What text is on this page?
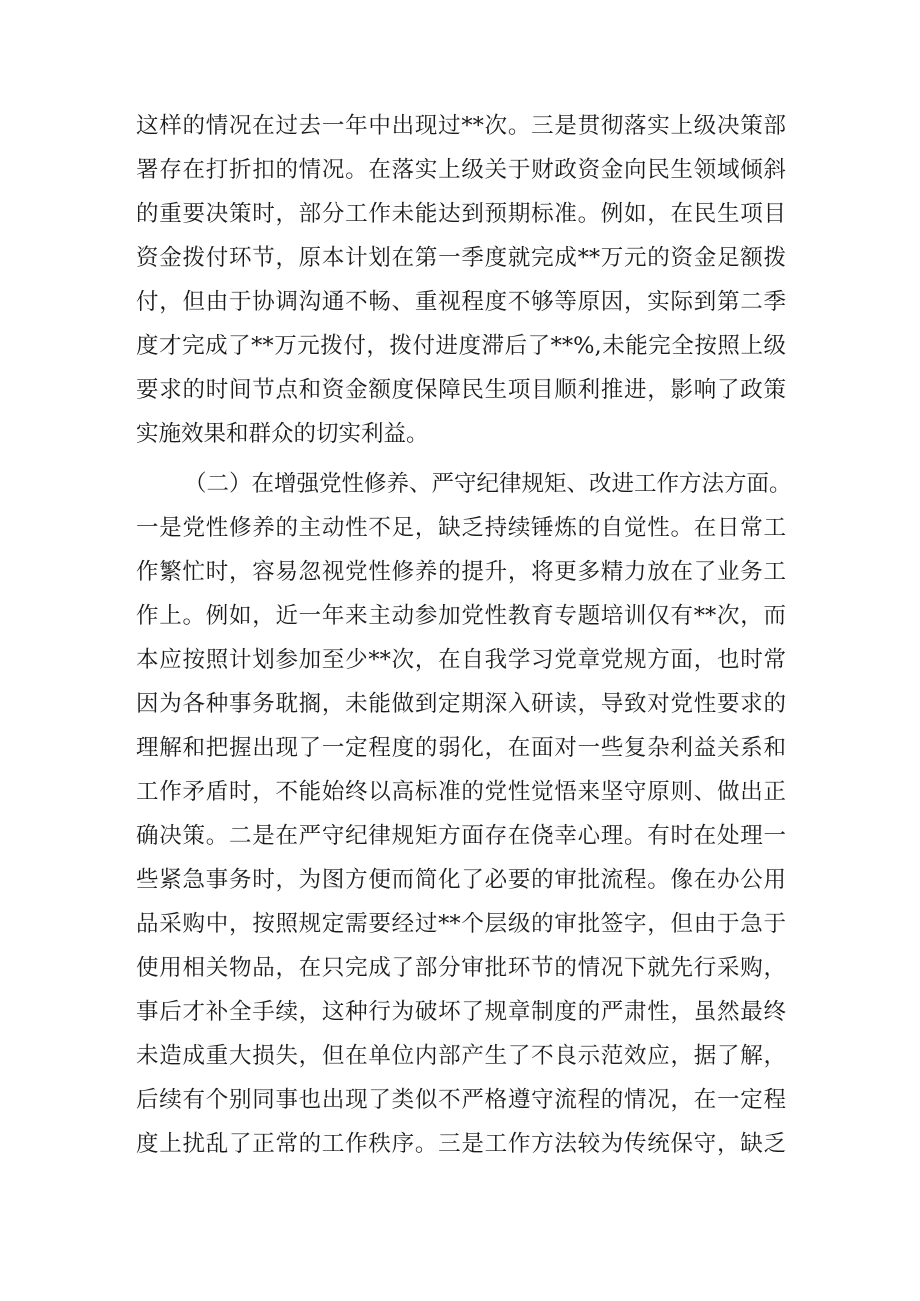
这样的情况在过去一年中出现过**次。三是贯彻落实上级决策部
署存在打折扣的情况。在落实上级关于财政资金向民生领域倾斜
的重要决策时，部分工作未能达到预期标准。例如，在民生项目
资金拨付环节，原本计划在第一季度就完成**万元的资金足额拨
付，但由于协调沟通不畅、重视程度不够等原因，实际到第二季
度才完成了**万元拨付，拨付进度滞后了**%,未能完全按照上级
要求的时间节点和资金额度保障民生项目顺利推进，影响了政策
实施效果和群众的切实利益。
（二）在增强党性修养、严守纪律规矩、改进工作方法方面。
一是党性修养的主动性不足，缺乏持续锤炼的自觉性。在日常工
作繁忙时，容易忽视党性修养的提升，将更多精力放在了业务工
作上。例如，近一年来主动参加党性教育专题培训仅有**次，而
本应按照计划参加至少**次，在自我学习党章党规方面，也时常
因为各种事务耽搁，未能做到定期深入研读，导致对党性要求的
理解和把握出现了一定程度的弱化，在面对一些复杂利益关系和
工作矛盾时，不能始终以高标准的党性觉悟来坚守原则、做出正
确决策。二是在严守纪律规矩方面存在侥幸心理。有时在处理一
些紧急事务时，为图方便而简化了必要的审批流程。像在办公用
品采购中，按照规定需要经过**个层级的审批签字，但由于急于
使用相关物品，在只完成了部分审批环节的情况下就先行采购，
事后才补全手续，这种行为破坏了规章制度的严肃性，虽然最终
未造成重大损失，但在单位内部产生了不良示范效应，据了解，
后续有个别同事也出现了类似不严格遵守流程的情况，在一定程
度上扰乱了正常的工作秩序。三是工作方法较为传统保守，缺乏
